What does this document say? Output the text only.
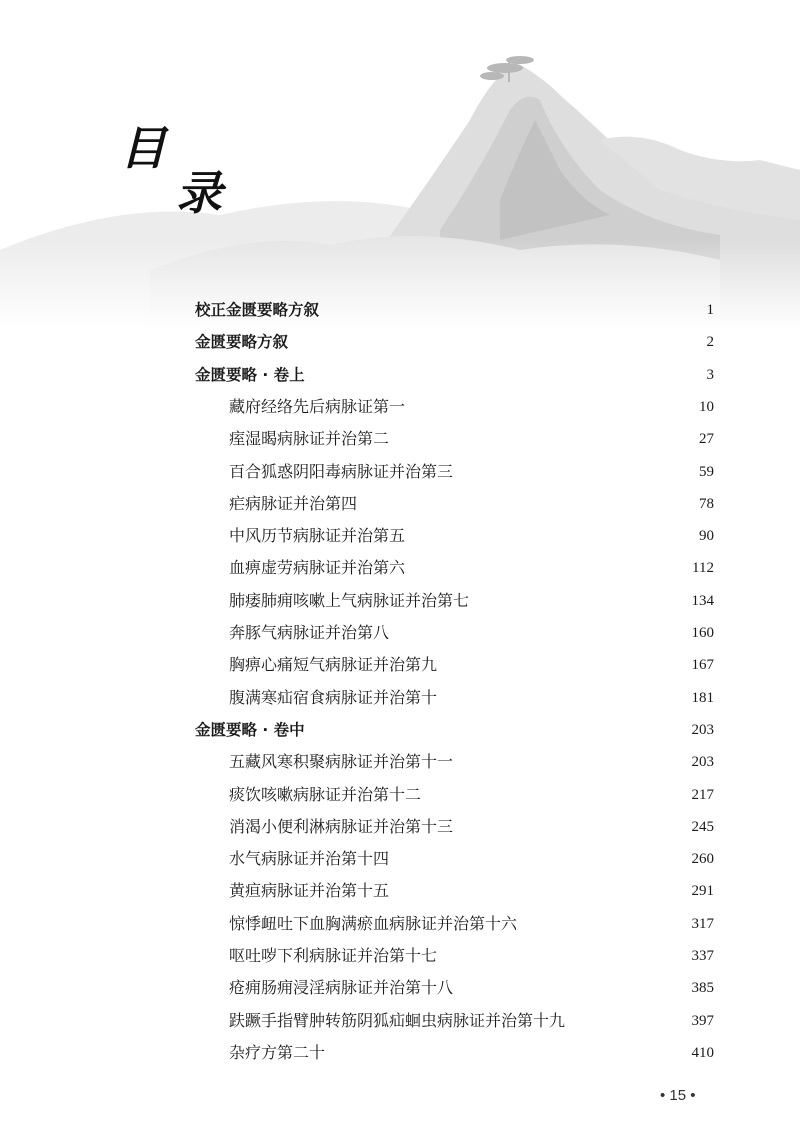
目
录
校正金匮要略方叙	1
金匮要略方叙	2
金匮要略 · 卷上	3
藏府经络先后病脉证第一	10
痓湿暍病脉证并治第二	27
百合狐惑阴阳毒病脉证并治第三	59
疟病脉证并治第四	78
中风历节病脉证并治第五	90
血痹虚劳病脉证并治第六	112
肺痿肺痈咳嗽上气病脉证并治第七	134
奔豚气病脉证并治第八	160
胸痹心痛短气病脉证并治第九	167
腹满寒疝宿食病脉证并治第十	181
金匮要略 · 卷中	203
五藏风寒积聚病脉证并治第十一	203
痰饮咳嗽病脉证并治第十二	217
消渴小便利淋病脉证并治第十三	245
水气病脉证并治第十四	260
黄疸病脉证并治第十五	291
惊悸衄吐下血胸满瘀血病脉证并治第十六	317
呕吐哕下利病脉证并治第十七	337
疮痈肠痈浸淫病脉证并治第十八	385
趺蹶手指臂肿转筋阴狐疝蛔虫病脉证并治第十九	397
杂疗方第二十	410
• 15 •
